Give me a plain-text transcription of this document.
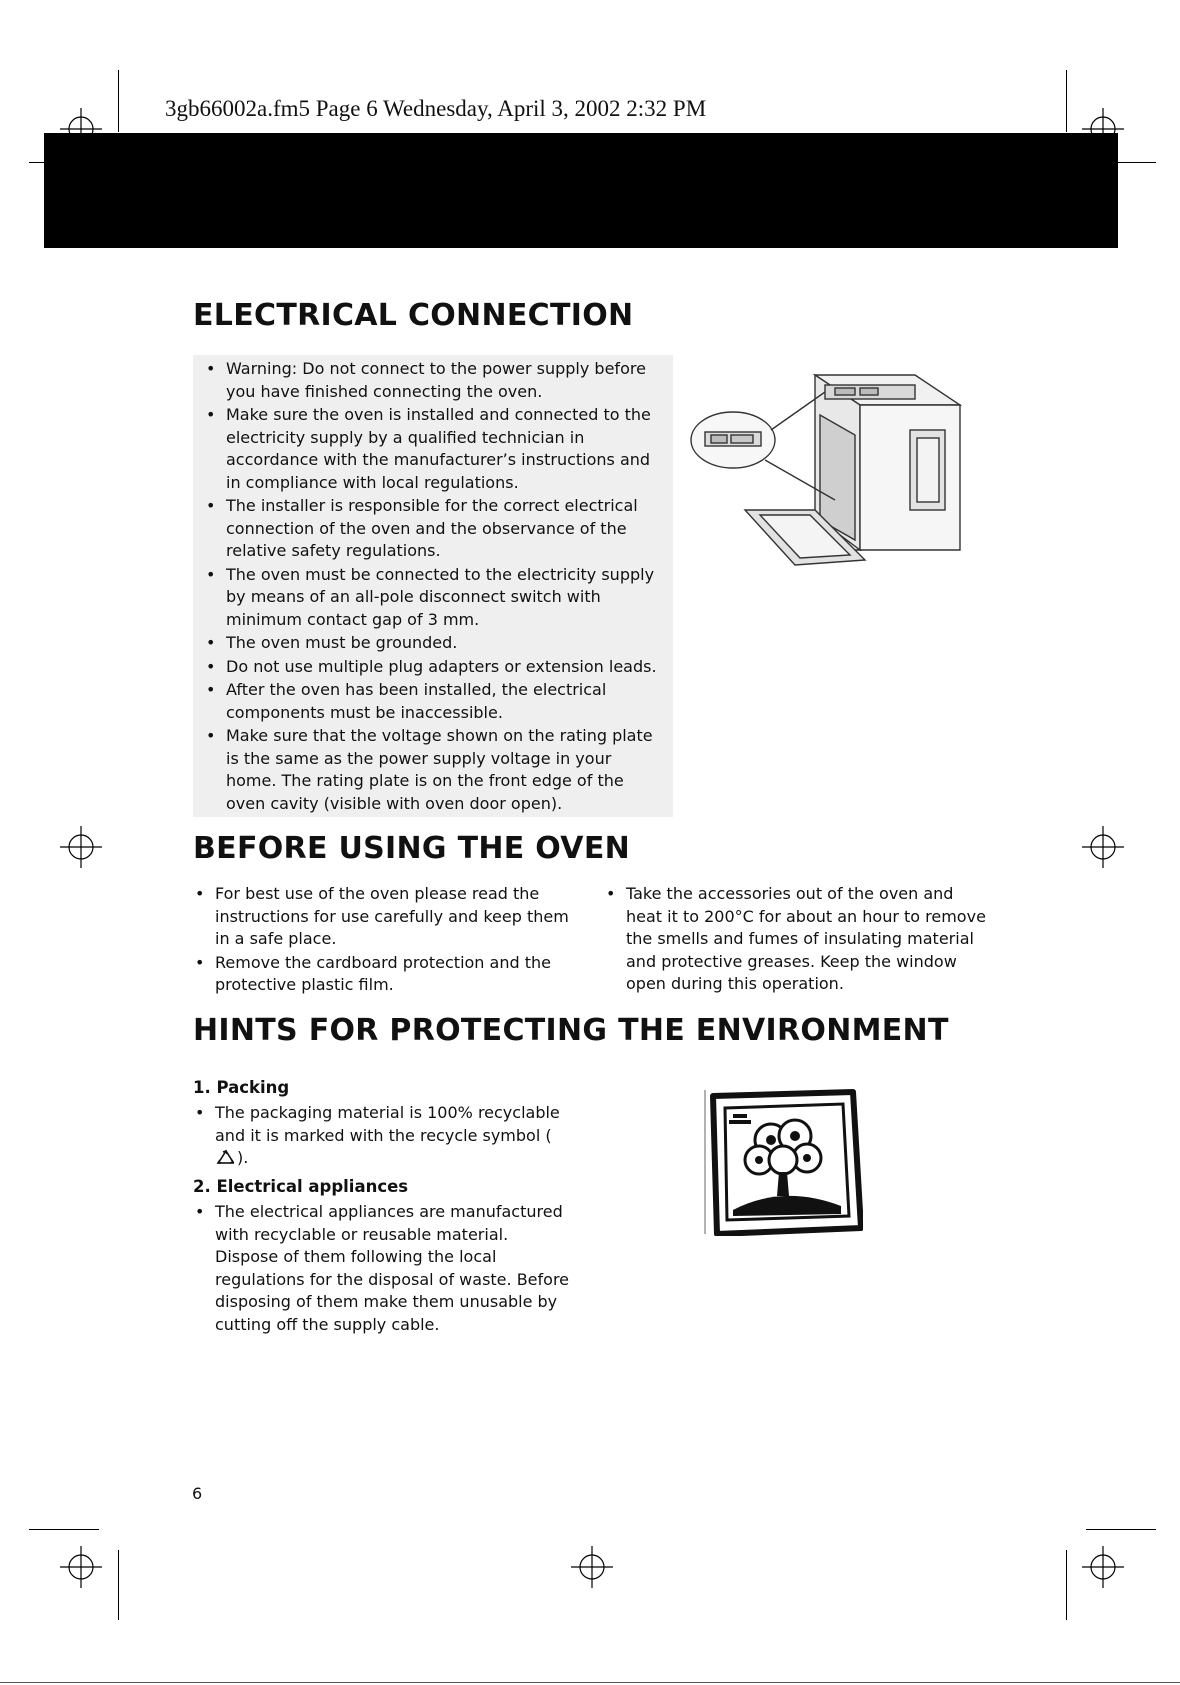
3gb66002a.fm5 Page 6 Wednesday, April 3, 2002 2:32 PM
ELECTRICAL CONNECTION
• Warning: Do not connect to the power supply before you have finished connecting the oven.
• Make sure the oven is installed and connected to the electricity supply by a qualified technician in accordance with the manufacturer’s instructions and in compliance with local regulations.
• The installer is responsible for the correct electrical connection of the oven and the observance of the relative safety regulations.
• The oven must be connected to the electricity supply by means of an all-pole disconnect switch with minimum contact gap of 3 mm.
• The oven must be grounded.
• Do not use multiple plug adapters or extension leads.
• After the oven has been installed, the electrical components must be inaccessible.
• Make sure that the voltage shown on the rating plate is the same as the power supply voltage in your home. The rating plate is on the front edge of the oven cavity (visible with oven door open).
BEFORE USING THE OVEN
• For best use of the oven please read the instructions for use carefully and keep them in a safe place.
• Remove the cardboard protection and the protective plastic film.
• Take the accessories out of the oven and heat it to 200°C for about an hour to remove the smells and fumes of insulating material and protective greases. Keep the window open during this operation.
HINTS FOR PROTECTING THE ENVIRONMENT
1. Packing
• The packaging material is 100% recyclable and it is marked with the recycle symbol ().
2. Electrical appliances
• The electrical appliances are manufactured with recyclable or reusable material. Dispose of them following the local regulations for the disposal of waste. Before disposing of them make them unusable by cutting off the supply cable.
6
